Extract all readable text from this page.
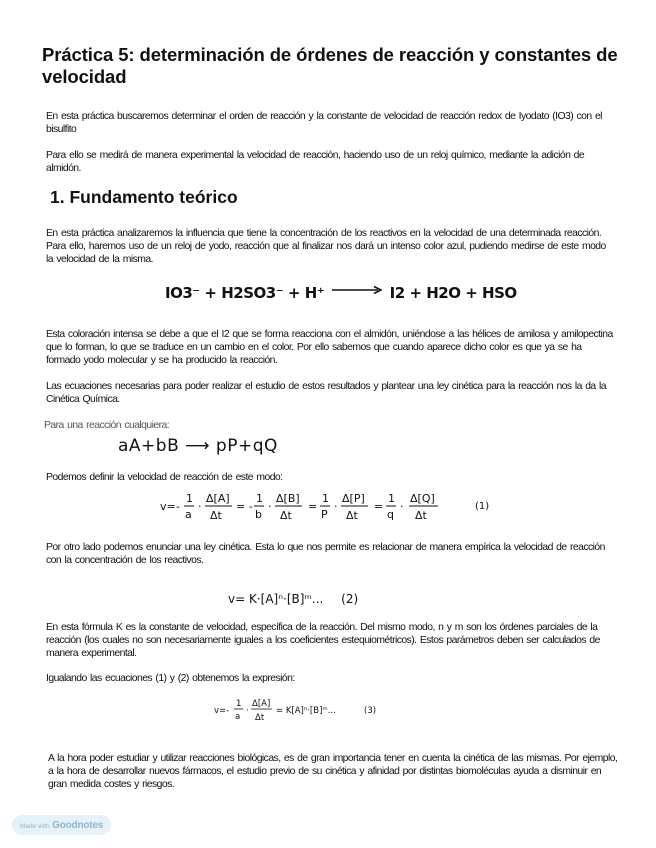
Práctica 5: determinación de órdenes de reacción y constantes de velocidad

En esta práctica buscaremos determinar el orden de reacción y la constante de velocidad de reacción redox de Iyodato (IO3) con el bisulfito

Para ello se medirá de manera experimental la velocidad de reacción, haciendo uso de un reloj químico, mediante la adición de almidón.

1. Fundamento teórico

En esta práctica analizaremos la influencia que tiene la concentración de los reactivos en la velocidad de una determinada reacción. Para ello, haremos uso de un reloj de yodo, reacción que al finalizar nos dará un intenso color azul, pudiendo medirse de este modo la velocidad de la misma.

IO3⁻ + H2SO3⁻ + H⁺ → I2 + H2O + HSO

Esta coloración intensa se debe a que el I2 que se forma reacciona con el almidón, uniéndose a las hélices de amilosa y amilopectina que lo forman, lo que se traduce en un cambio en el color. Por ello sabemos que cuando aparece dicho color es que ya se ha formado yodo molecular y se ha producido la reacción.

Las ecuaciones necesarias para poder realizar el estudio de estos resultados y plantear una ley cinética para la reacción nos la da la Cinética Química.

Para una reacción cualquiera:

aA+bB ⟶ pP+qQ

Podemos definir la velocidad de reacción de este modo:

v= -
1
a
·
Δ[A]
Δt
= -
1
b
·
Δ[B]
Δt
=
1
P
·
Δ[P]
Δt
=
1
q
·
Δ[Q]
Δt
(1)

Por otro lado podemos enunciar una ley cinética. Esta lo que nos permite es relacionar de manera empírica la velocidad de reacción con la concentración de los reactivos.

v= K·[A]ⁿ·[B]ᵐ... (2)

En esta fórmula K es la constante de velocidad, específica de la reacción. Del mismo modo, n y m son los órdenes parciales de la reacción (los cuales no son necesariamente iguales a los coeficientes estequiométricos). Estos parámetros deben ser calculados de manera experimental.

Igualando las ecuaciones (1) y (2) obtenemos la expresión:

v=-
1
a
·
Δ[A]
Δt
= K[A]ⁿ·[B]ᵐ...	(3)

A la hora poder estudiar y utilizar reacciones biológicas, es de gran importancia tener en cuenta la cinética de las mismas. Por ejemplo, a la hora de desarrollar nuevos fármacos, el estudio previo de su cinética y afinidad por distintas biomoléculas ayuda a disminuir en gran medida costes y riesgos.

Made with Goodnotes
